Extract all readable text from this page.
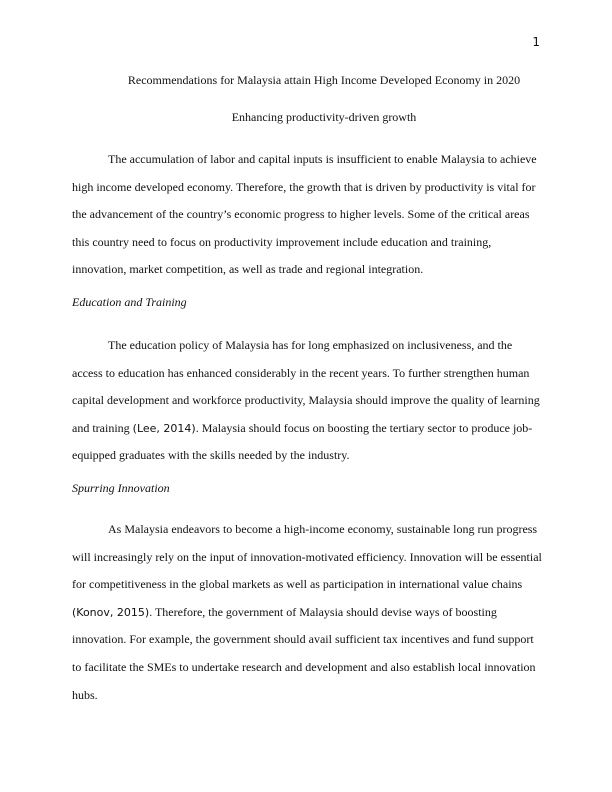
1
Recommendations for Malaysia attain High Income Developed Economy in 2020
Enhancing productivity-driven growth

The accumulation of labor and capital inputs is insufficient to enable Malaysia to achieve high income developed economy. Therefore, the growth that is driven by productivity is vital for the advancement of the country’s economic progress to higher levels. Some of the critical areas this country need to focus on productivity improvement include education and training, innovation, market competition, as well as trade and regional integration.

Education and Training

The education policy of Malaysia has for long emphasized on inclusiveness, and the access to education has enhanced considerably in the recent years. To further strengthen human capital development and workforce productivity, Malaysia should improve the quality of learning and training (Lee, 2014). Malaysia should focus on boosting the tertiary sector to produce job-equipped graduates with the skills needed by the industry.

Spurring Innovation

As Malaysia endeavors to become a high-income economy, sustainable long run progress will increasingly rely on the input of innovation-motivated efficiency. Innovation will be essential for competitiveness in the global markets as well as participation in international value chains (Konov, 2015). Therefore, the government of Malaysia should devise ways of boosting innovation. For example, the government should avail sufficient tax incentives and fund support to facilitate the SMEs to undertake research and development and also establish local innovation hubs.
